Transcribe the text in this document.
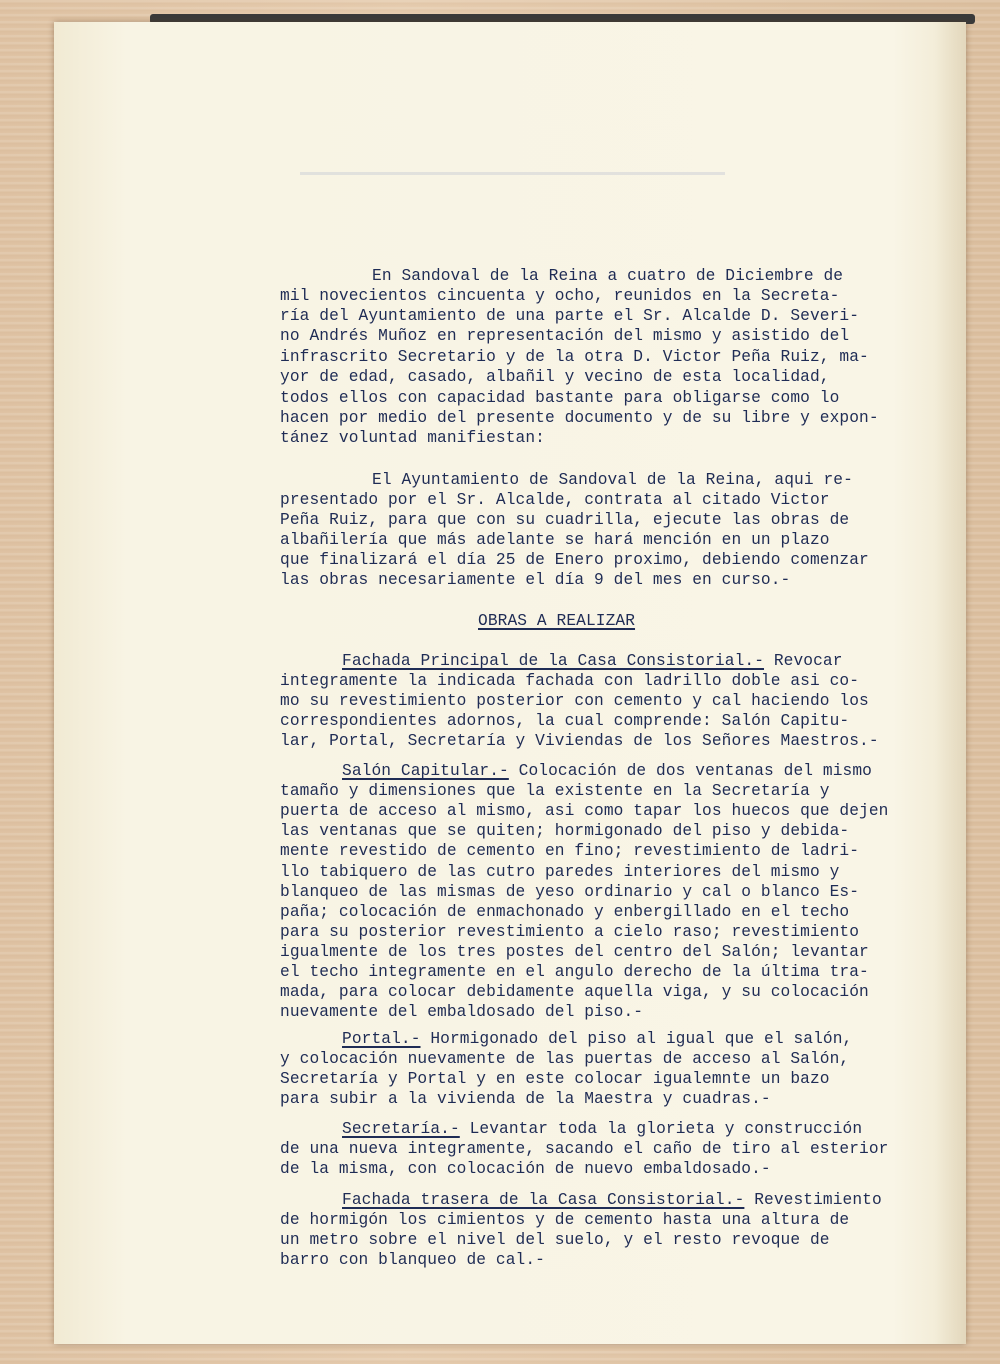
En Sandoval de la Reina a cuatro de Diciembre de

mil novecientos cincuenta y ocho, reunidos en la Secreta-

ría del Ayuntamiento de una parte el Sr. Alcalde D. Severi-

no Andrés Muñoz en representación del mismo y asistido del

infrascrito Secretario y de la otra D. Victor Peña Ruiz, ma-

yor de edad, casado, albañil y vecino de esta localidad,

todos ellos con capacidad bastante para obligarse como lo

hacen por medio del presente documento y de su libre y expon-

tánez voluntad manifiestan:

El Ayuntamiento de Sandoval de la Reina, aqui re-

presentado por el Sr. Alcalde, contrata al citado Victor

Peña Ruiz, para que con su cuadrilla, ejecute las obras de

albañilería que más adelante se hará mención en un plazo

que finalizará el día 25 de Enero proximo, debiendo comenzar

las obras necesariamente el día 9 del mes en curso.-

OBRAS A REALIZAR

Fachada Principal de la Casa Consistorial.- Revocar

integramente la indicada fachada con ladrillo doble asi co-

mo su revestimiento posterior con cemento y cal haciendo los

correspondientes adornos, la cual comprende: Salón Capitu-

lar, Portal, Secretaría y Viviendas de los Señores Maestros.-

Salón Capitular.- Colocación de dos ventanas del mismo

tamaño y dimensiones que la existente en la Secretaría y

puerta de acceso al mismo, asi como tapar los huecos que dejen

las ventanas que se quiten; hormigonado del piso y debida-

mente revestido de cemento en fino; revestimiento de ladri-

llo tabiquero de las cutro paredes interiores del mismo y

blanqueo de las mismas de yeso ordinario y cal o blanco Es-

paña; colocación de enmachonado y enbergillado en el techo

para su posterior revestimiento a cielo raso; revestimiento

igualmente de los tres postes del centro del Salón; levantar

el techo integramente en el angulo derecho de la última tra-

mada, para colocar debidamente aquella viga, y su colocación

nuevamente del embaldosado del piso.-

Portal.- Hormigonado del piso al igual que el salón,

y colocación nuevamente de las puertas de acceso al Salón,

Secretaría y Portal y en este colocar igualemnte un bazo

para subir a la vivienda de la Maestra y cuadras.-

Secretaría.- Levantar toda la glorieta y construcción

de una nueva integramente, sacando el caño de tiro al esterior

de la misma, con colocación de nuevo embaldosado.-

Fachada trasera de la Casa Consistorial.- Revestimiento

de hormigón los cimientos y de cemento hasta una altura de

un metro sobre el nivel del suelo, y el resto revoque de

barro con blanqueo de cal.-
